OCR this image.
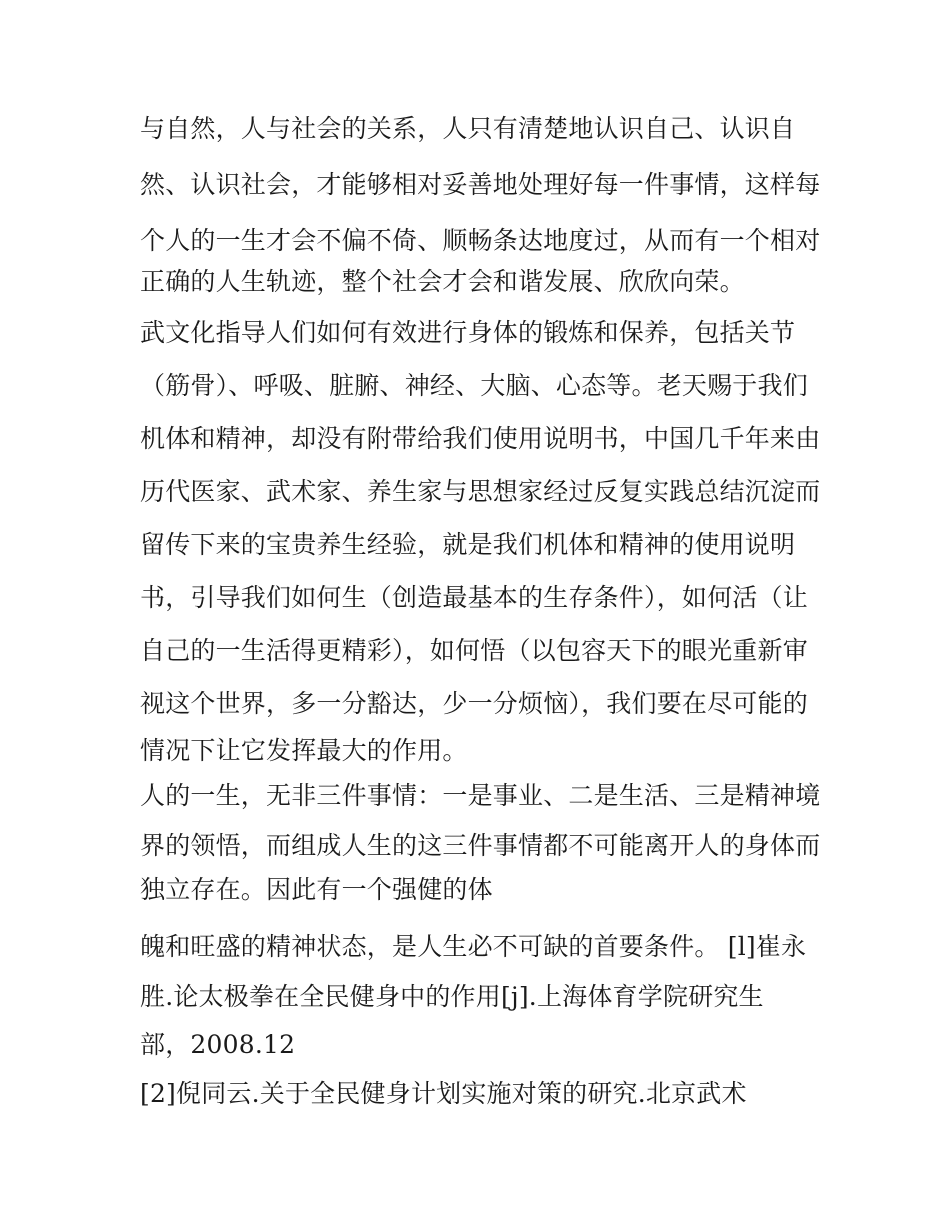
与自然，人与社会的关系，人只有清楚地认识自己、认识自
然、认识社会，才能够相对妥善地处理好每一件事情，这样每
个人的一生才会不偏不倚、顺畅条达地度过，从而有一个相对
正确的人生轨迹，整个社会才会和谐发展、欣欣向荣。
武文化指导人们如何有效进行身体的锻炼和保养，包括关节
（筋骨）、呼吸、脏腑、神经、大脑、心态等。老天赐于我们
机体和精神，却没有附带给我们使用说明书，中国几千年来由
历代医家、武术家、养生家与思想家经过反复实践总结沉淀而
留传下来的宝贵养生经验，就是我们机体和精神的使用说明
书，引导我们如何生（创造最基本的生存条件），如何活（让
自己的一生活得更精彩），如何悟（以包容天下的眼光重新审
视这个世界，多一分豁达，少一分烦恼），我们要在尽可能的
情况下让它发挥最大的作用。
人的一生，无非三件事情：一是事业、二是生活、三是精神境
界的领悟，而组成人生的这三件事情都不可能离开人的身体而
独立存在。因此有一个强健的体
魄和旺盛的精神状态，是人生必不可缺的首要条件。 [l]崔永
胜.论太极拳在全民健身中的作用[j].上海体育学院研究生
部，2008.12
[2]倪同云.关于全民健身计划实施对策的研究.北京武术
